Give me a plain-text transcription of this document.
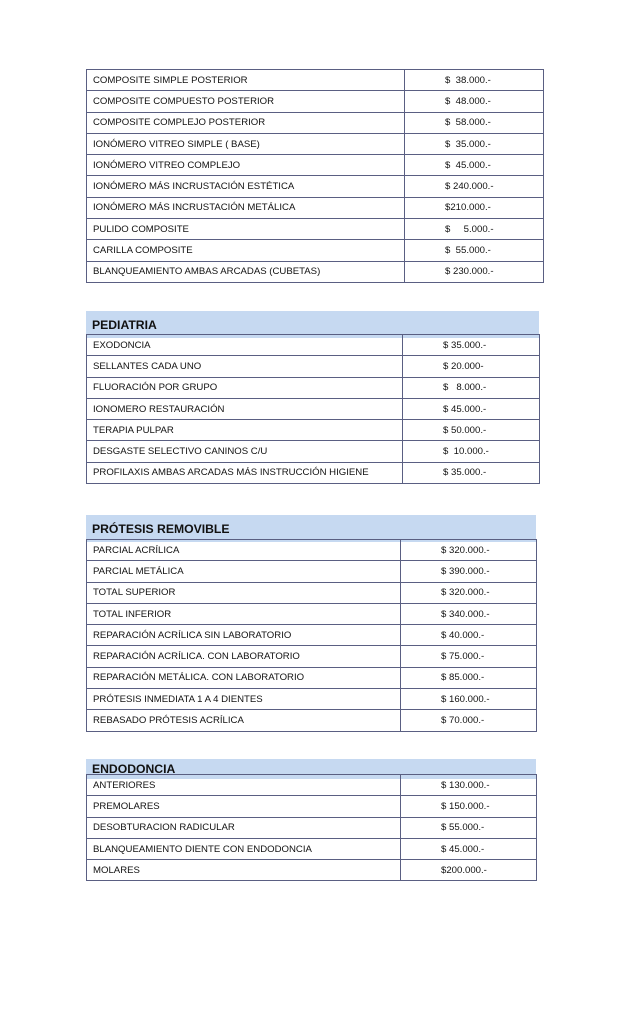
COMPOSITE SIMPLE POSTERIOR	$  38.000.-
COMPOSITE COMPUESTO POSTERIOR	$  48.000.-
COMPOSITE COMPLEJO POSTERIOR	$  58.000.-
IONÓMERO VITREO SIMPLE ( BASE)	$  35.000.-
IONÓMERO VITREO COMPLEJO	$  45.000.-
IONÓMERO MÁS INCRUSTACIÓN ESTÉTICA	$ 240.000.-
IONÓMERO MÁS INCRUSTACIÓN METÁLICA	$210.000.-
PULIDO COMPOSITE	$     5.000.-
CARILLA COMPOSITE	$  55.000.-
BLANQUEAMIENTO AMBAS ARCADAS (CUBETAS)	$ 230.000.-
PEDIATRIA
EXODONCIA	$ 35.000.-
SELLANTES CADA UNO	$ 20.000-
FLUORACIÓN POR GRUPO	$   8.000.-
IONOMERO RESTAURACIÓN	$ 45.000.-
TERAPIA PULPAR	$ 50.000.-
DESGASTE SELECTIVO CANINOS C/U	$  10.000.-
PROFILAXIS AMBAS ARCADAS MÁS INSTRUCCIÓN HIGIENE	$ 35.000.-
PRÓTESIS REMOVIBLE
PARCIAL ACRÍLICA	$ 320.000.-
PARCIAL METÁLICA	$ 390.000.-
TOTAL SUPERIOR	$ 320.000.-
TOTAL INFERIOR	$ 340.000.-
REPARACIÓN ACRÍLICA SIN LABORATORIO	$ 40.000.-
REPARACIÓN ACRÍLICA. CON LABORATORIO	$ 75.000.-
REPARACIÓN METÁLICA. CON LABORATORIO	$ 85.000.-
PRÓTESIS INMEDIATA 1 A 4 DIENTES	$ 160.000.-
REBASADO PRÓTESIS ACRÍLICA	$ 70.000.-
ENDODONCIA
ANTERIORES	$ 130.000.-
PREMOLARES	$ 150.000.-
DESOBTURACION RADICULAR	$ 55.000.-
BLANQUEAMIENTO DIENTE CON ENDODONCIA	$ 45.000.-
MOLARES	$200.000.-
